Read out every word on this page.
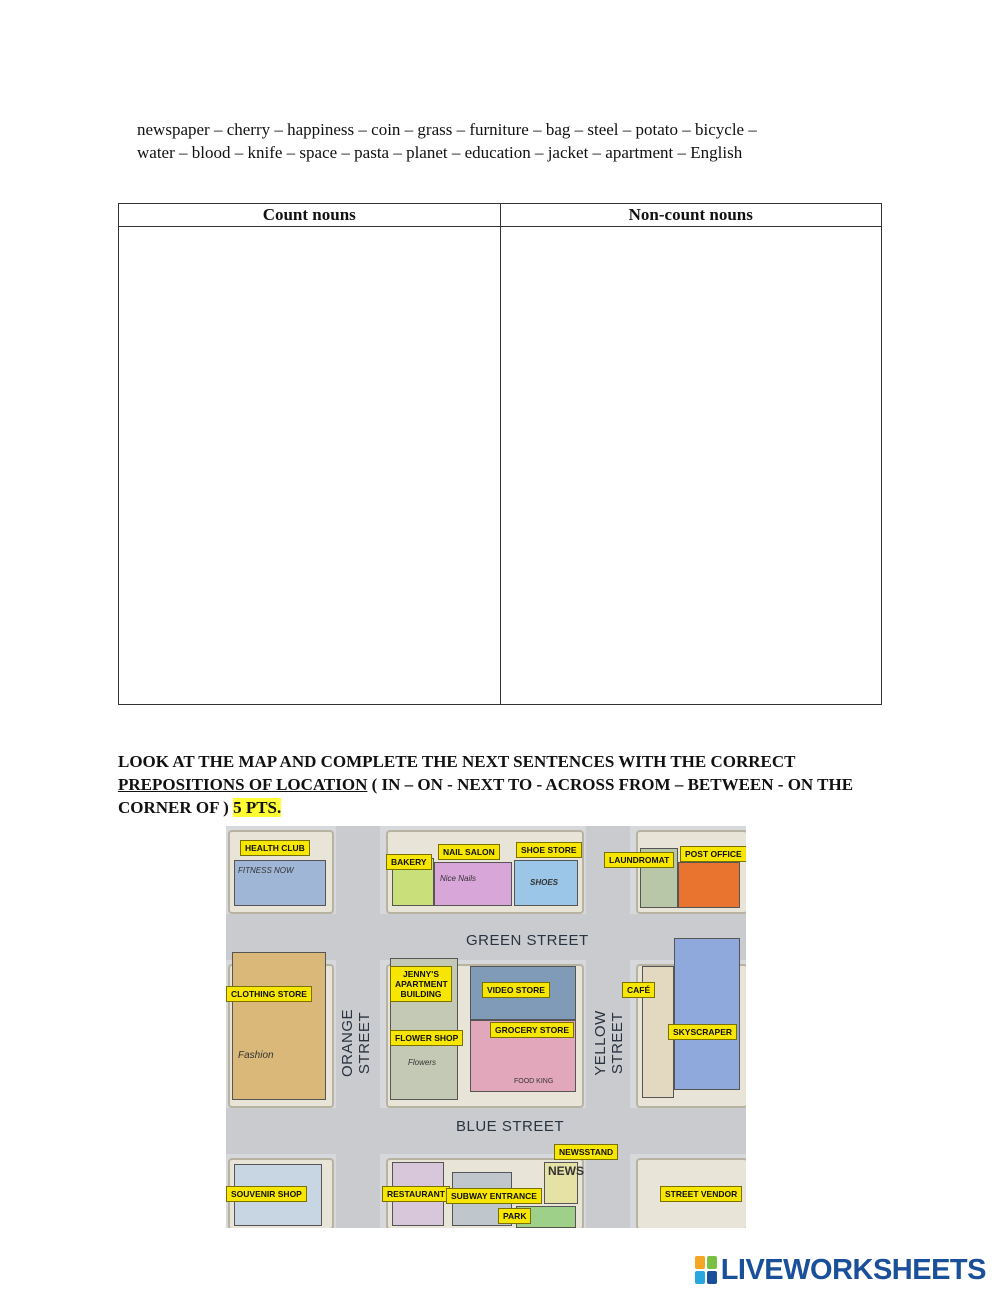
newspaper – cherry – happiness – coin – grass – furniture – bag – steel – potato – bicycle –
water – blood – knife – space – pasta – planet – education – jacket – apartment – English
Count nouns	Non-count nouns

LOOK AT THE MAP AND COMPLETE THE NEXT SENTENCES WITH THE CORRECT PREPOSITIONS OF LOCATION ( IN – ON - NEXT TO - ACROSS FROM – BETWEEN - ON THE CORNER OF ) 5 PTS.
FITNESS NOW
Nice Nails	SHOES
Fashion
Flowers
FOOD KING
NEWS
GREEN STREET
BLUE STREET
ORANGE STREET	YELLOW STREET
HEALTH CLUB
BAKERY
NAIL SALON	SHOE STORE
LAUNDROMAT
POST OFFICE
CLOTHING STORE
JENNY'S APARTMENT BUILDING	VIDEO STORE	CAFÉ
GROCERY STORE
FLOWER SHOP
SKYSCRAPER
NEWSSTAND
SOUVENIR SHOP	RESTAURANT SUBWAY ENTRANCE
PARK
STREET VENDOR
LIVEWORKSHEETS
